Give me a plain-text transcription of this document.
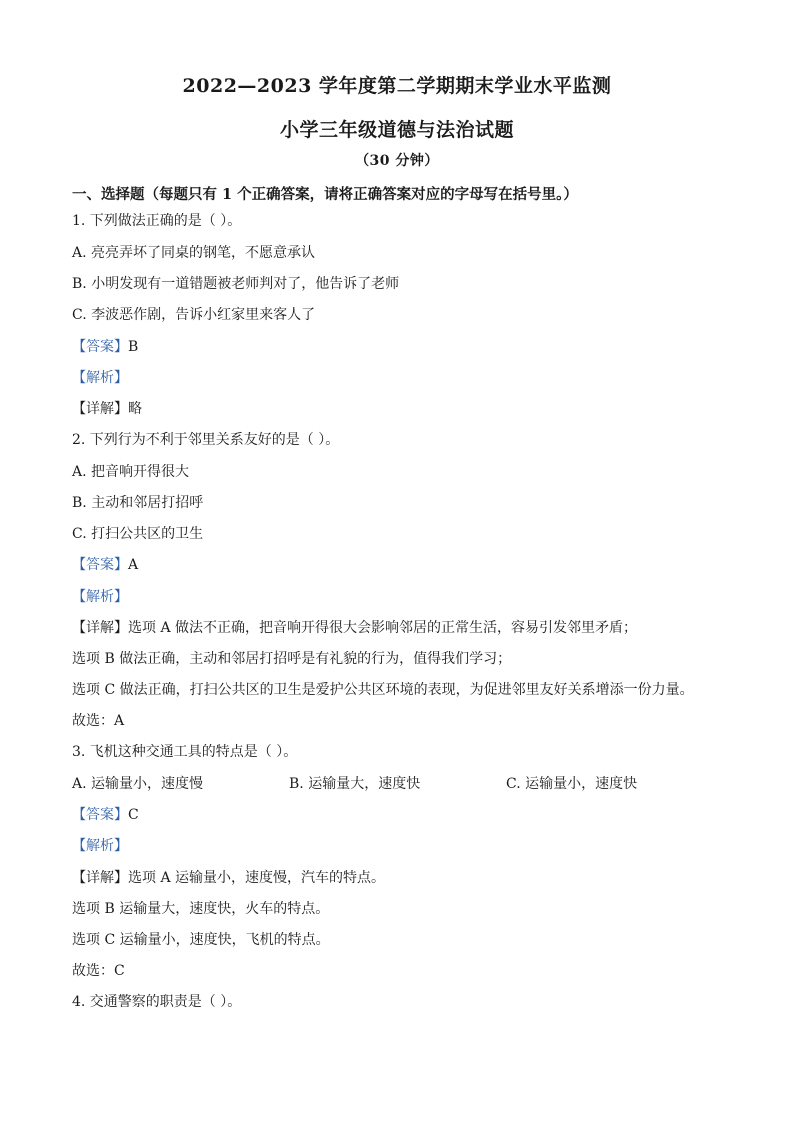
2022—2023 学年度第二学期期末学业水平监测
小学三年级道德与法治试题
（30 分钟）
一、选择题（每题只有 1 个正确答案，请将正确答案对应的字母写在括号里。）
1. 下列做法正确的是（ ）。
A. 亮亮弄坏了同桌的钢笔，不愿意承认
B. 小明发现有一道错题被老师判对了，他告诉了老师
C. 李波恶作剧，告诉小红家里来客人了
【答案】B
【解析】
【详解】略
2. 下列行为不利于邻里关系友好的是（ ）。
A. 把音响开得很大
B. 主动和邻居打招呼
C. 打扫公共区的卫生
【答案】A
【解析】
【详解】选项 A 做法不正确，把音响开得很大会影响邻居的正常生活，容易引发邻里矛盾；
选项 B 做法正确，主动和邻居打招呼是有礼貌的行为，值得我们学习；
选项 C 做法正确，打扫公共区的卫生是爱护公共区环境的表现，为促进邻里友好关系增添一份力量。
故选：A
3. 飞机这种交通工具的特点是（ ）。
A. 运输量小，速度慢	B. 运输量大，速度快	C. 运输量小，速度快
【答案】C
【解析】
【详解】选项 A 运输量小，速度慢，汽车的特点。
选项 B 运输量大，速度快，火车的特点。
选项 C 运输量小，速度快，飞机的特点。
故选：C
4. 交通警察的职责是（ ）。
